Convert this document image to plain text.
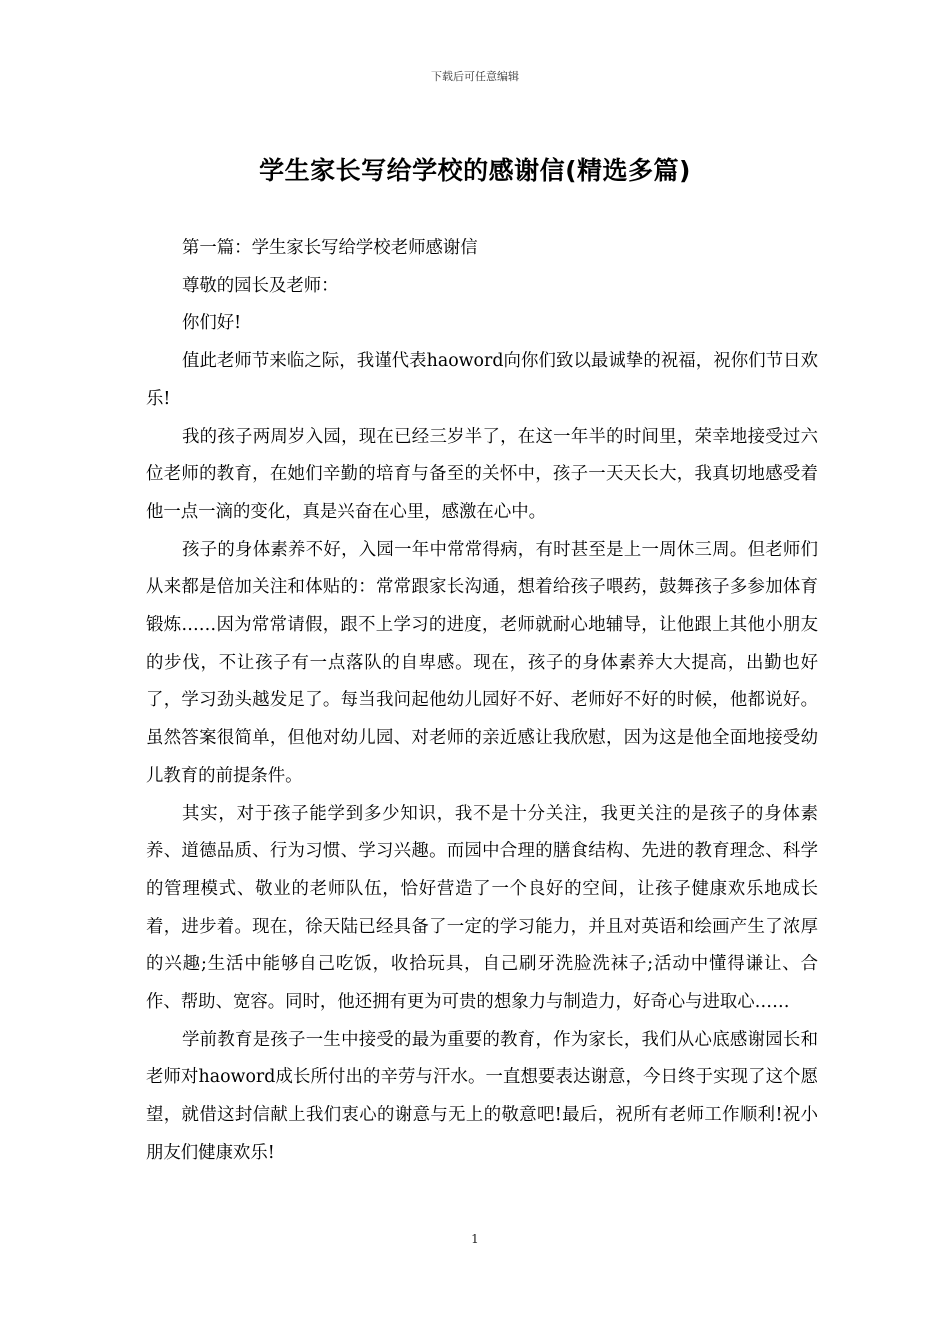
下载后可任意编辑
学生家长写给学校的感谢信(精选多篇)

第一篇：学生家长写给学校老师感谢信

尊敬的园长及老师：

你们好!

值此老师节来临之际，我谨代表haoword向你们致以最诚挚的祝福，祝你们节日欢乐!

我的孩子两周岁入园，现在已经三岁半了，在这一年半的时间里，荣幸地接受过六位老师的教育，在她们辛勤的培育与备至的关怀中，孩子一天天长大，我真切地感受着他一点一滴的变化，真是兴奋在心里，感激在心中。

孩子的身体素养不好，入园一年中常常得病，有时甚至是上一周休三周。但老师们从来都是倍加关注和体贴的：常常跟家长沟通，想着给孩子喂药，鼓舞孩子多参加体育锻炼……因为常常请假，跟不上学习的进度，老师就耐心地辅导，让他跟上其他小朋友的步伐，不让孩子有一点落队的自卑感。现在，孩子的身体素养大大提高，出勤也好了，学习劲头越发足了。每当我问起他幼儿园好不好、老师好不好的时候，他都说好。虽然答案很简单，但他对幼儿园、对老师的亲近感让我欣慰，因为这是他全面地接受幼儿教育的前提条件。

其实，对于孩子能学到多少知识，我不是十分关注，我更关注的是孩子的身体素养、道德品质、行为习惯、学习兴趣。而园中合理的膳食结构、先进的教育理念、科学的管理模式、敬业的老师队伍，恰好营造了一个良好的空间，让孩子健康欢乐地成长着，进步着。现在，徐天陆已经具备了一定的学习能力，并且对英语和绘画产生了浓厚的兴趣;生活中能够自己吃饭，收拾玩具，自己刷牙洗脸洗袜子;活动中懂得谦让、合作、帮助、宽容。同时，他还拥有更为可贵的想象力与制造力，好奇心与进取心……

学前教育是孩子一生中接受的最为重要的教育，作为家长，我们从心底感谢园长和老师对haoword成长所付出的辛劳与汗水。一直想要表达谢意，今日终于实现了这个愿望，就借这封信献上我们衷心的谢意与无上的敬意吧!最后，祝所有老师工作顺利!祝小朋友们健康欢乐!

1
